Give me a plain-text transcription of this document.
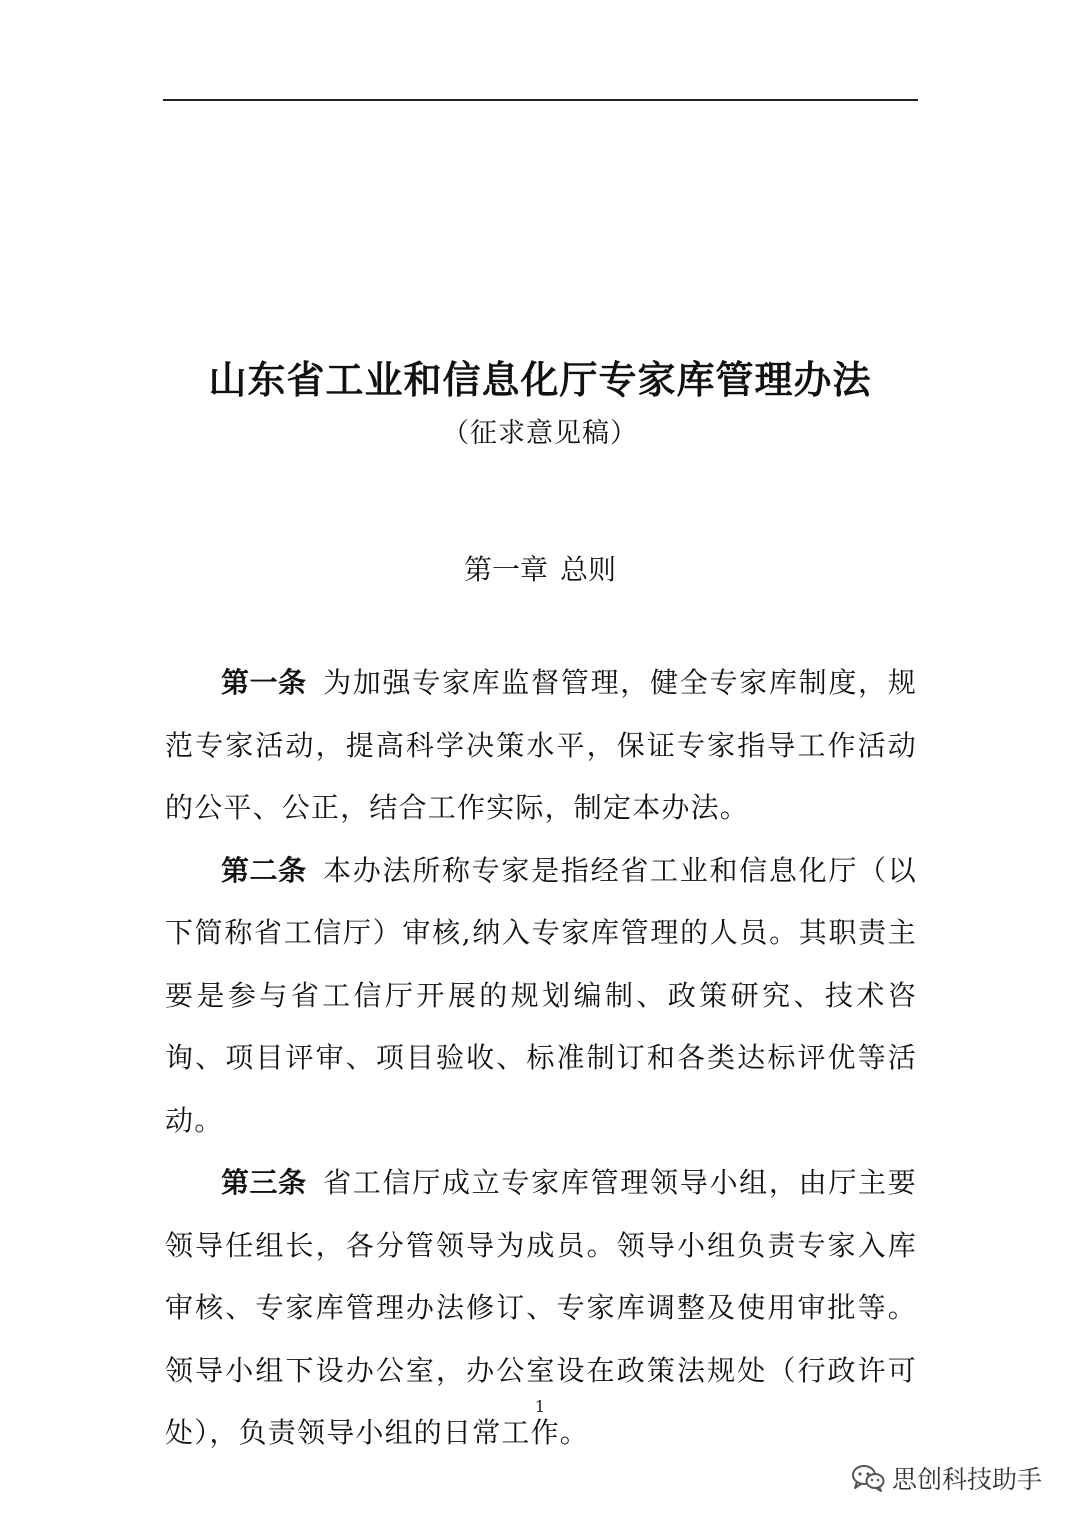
山东省工业和信息化厅专家库管理办法
（征求意见稿）
第一章 总则

第一条 为加强专家库监督管理，健全专家库制度，规范专家活动，提高科学决策水平，保证专家指导工作活动的公平、公正，结合工作实际，制定本办法。

第二条 本办法所称专家是指经省工业和信息化厅（以下简称省工信厅）审核,纳入专家库管理的人员。其职责主要是参与省工信厅开展的规划编制、政策研究、技术咨询、项目评审、项目验收、标准制订和各类达标评优等活动。

第三条 省工信厅成立专家库管理领导小组，由厅主要领导任组长，各分管领导为成员。领导小组负责专家入库审核、专家库管理办法修订、专家库调整及使用审批等。领导小组下设办公室，办公室设在政策法规处（行政许可处），负责领导小组的日常工作。

1
思创科技助手
